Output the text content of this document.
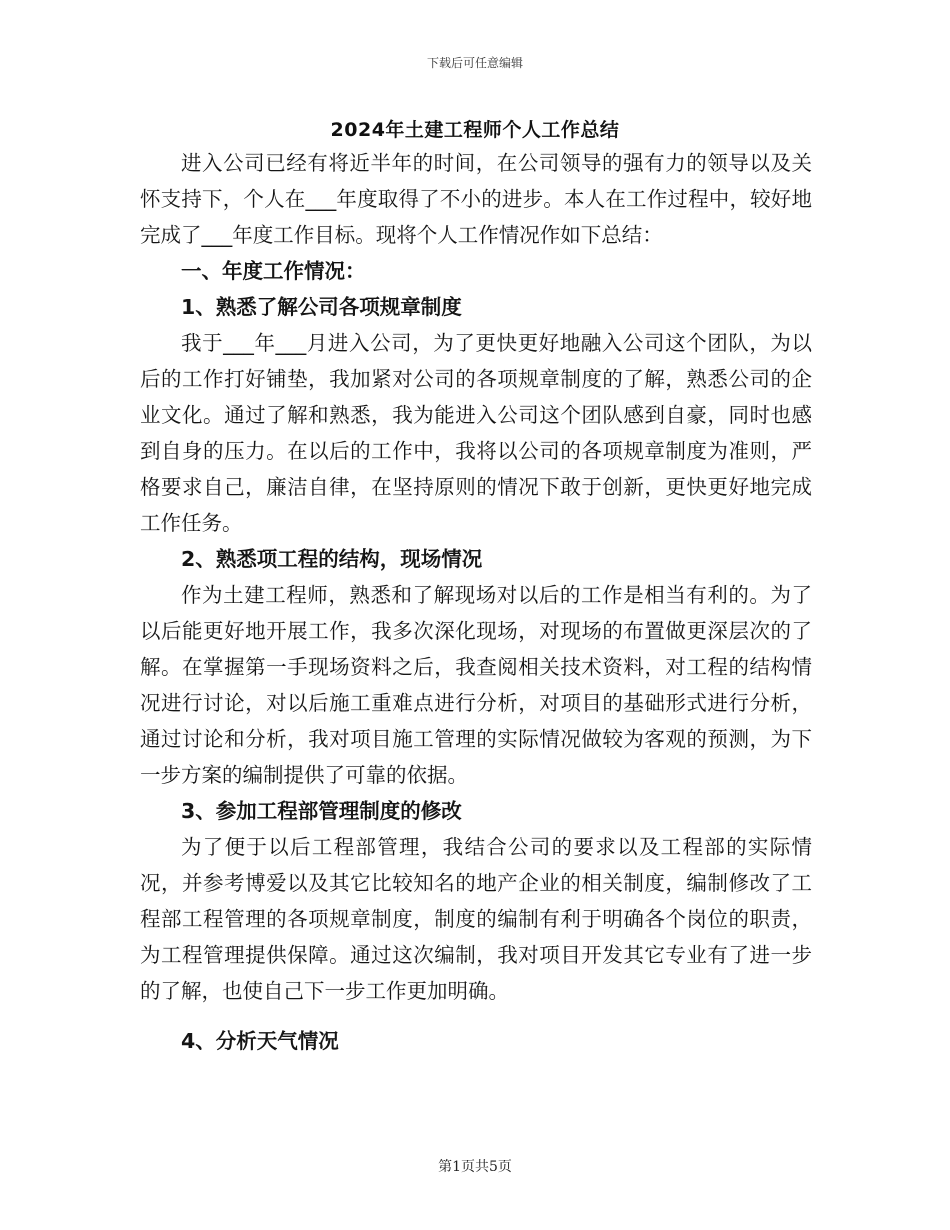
下载后可任意编辑
2024年土建工程师个人工作总结

进入公司已经有将近半年的时间，在公司领导的强有力的领导以及关怀支持下，个人在___年度取得了不小的进步。本人在工作过程中，较好地完成了___年度工作目标。现将个人工作情况作如下总结：

一、年度工作情况：

1、熟悉了解公司各项规章制度

我于___年___月进入公司，为了更快更好地融入公司这个团队，为以后的工作打好铺垫，我加紧对公司的各项规章制度的了解，熟悉公司的企业文化。通过了解和熟悉，我为能进入公司这个团队感到自豪，同时也感到自身的压力。在以后的工作中，我将以公司的各项规章制度为准则，严格要求自己，廉洁自律，在坚持原则的情况下敢于创新，更快更好地完成工作任务。

2、熟悉项工程的结构，现场情况

作为土建工程师，熟悉和了解现场对以后的工作是相当有利的。为了以后能更好地开展工作，我多次深化现场，对现场的布置做更深层次的了解。在掌握第一手现场资料之后，我查阅相关技术资料，对工程的结构情况进行讨论，对以后施工重难点进行分析，对项目的基础形式进行分析，通过讨论和分析，我对项目施工管理的实际情况做较为客观的预测，为下一步方案的编制提供了可靠的依据。

3、参加工程部管理制度的修改

为了便于以后工程部管理，我结合公司的要求以及工程部的实际情况，并参考博爱以及其它比较知名的地产企业的相关制度，编制修改了工程部工程管理的各项规章制度，制度的编制有利于明确各个岗位的职责，为工程管理提供保障。通过这次编制，我对项目开发其它专业有了进一步的了解，也使自己下一步工作更加明确。

4、分析天气情况

第1页共5页
